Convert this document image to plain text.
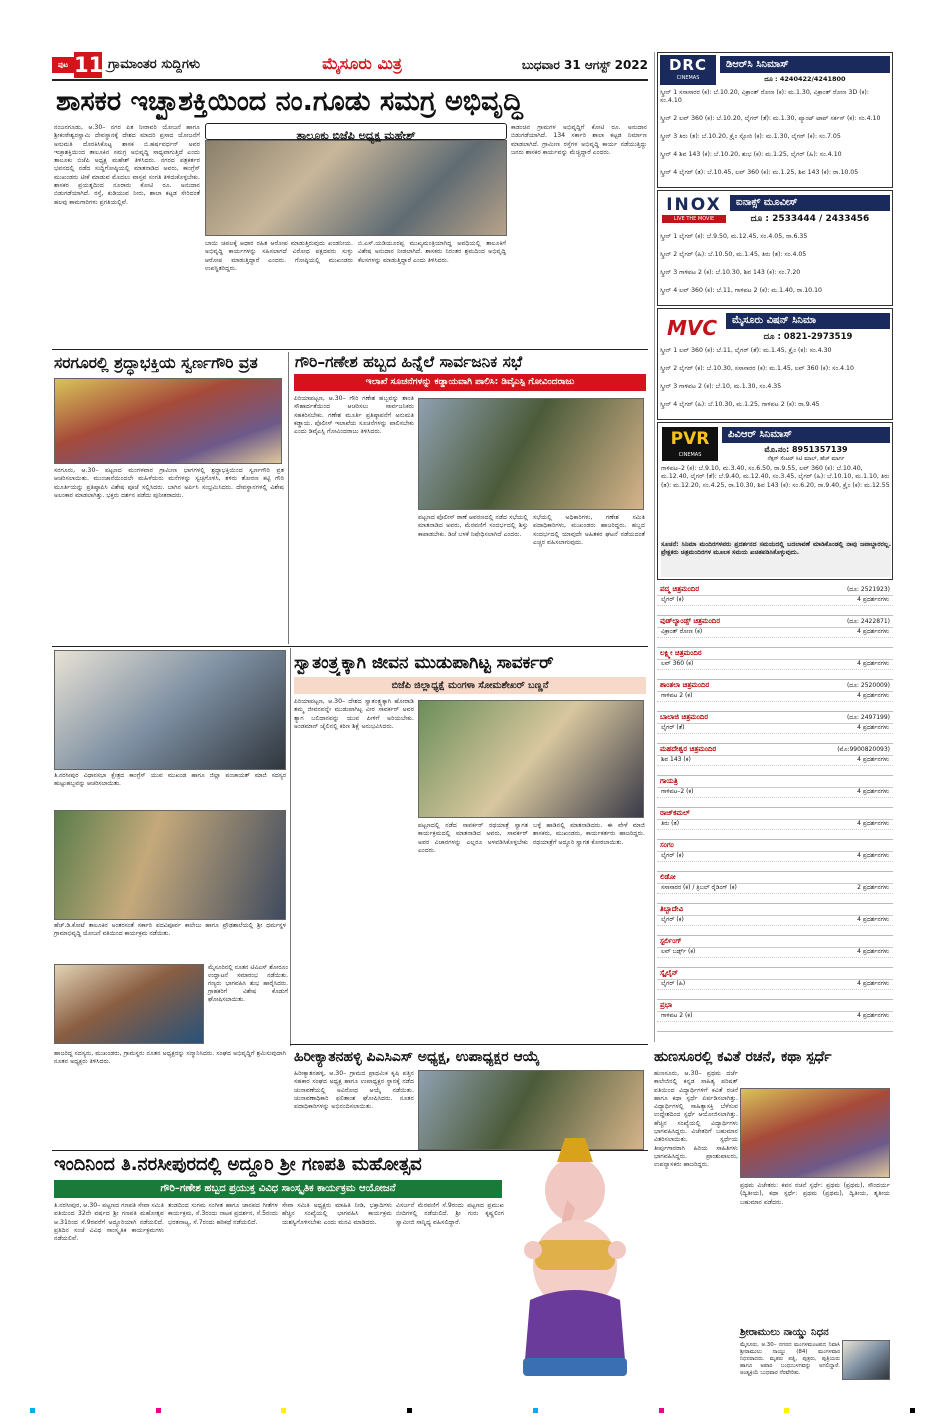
ಪುಟ 11 ಗ್ರಾಮಾಂತರ ಸುದ್ದಿಗಳು	ಮೈಸೂರು ಮಿತ್ರ	ಬುಧವಾರ 31 ಆಗಸ್ಟ್ 2022
ಶಾಸಕರ ಇಚ್ಛಾಶಕ್ತಿಯಿಂದ ನಂ.ಗೂಡು ಸಮಗ್ರ ಅಭಿವೃದ್ಧಿ
ನಂಜನಗೂಡು, ಆ.30– ನಗರ ಪಿತ ನೀರಾವರಿ ಯೋಜನೆ ಹಾಗೂ ಶ್ರೀಕಂಠೇಶ್ವರಸ್ವಾಮಿ ದೇವಸ್ಥಾನಕ್ಕೆ ದೇಶದ ಮಾದರಿ ಪ್ರಸಾದ ಯೋಜನೆಗೆ ಅನುಮತಿ ದೊರಕಿಸಿಕೊಟ್ಟ ಶಾಸಕ ಬಿ.ಹರ್ಷವರ್ಧನ್ ಅವರ ಇಚ್ಛಾಶಕ್ತಿಯಿಂದ ತಾಲೂಕಿನ ಸಮಗ್ರ ಅಭಿವೃದ್ಧಿ ಸಾಧ್ಯವಾಗುತ್ತಿದೆ ಎಂದು ತಾಲೂಕು ಬಿಜೆಪಿ ಅಧ್ಯಕ್ಷ ಮಹೇಶ್ ತಿಳಿಸಿದರು. ನಗರದ ಪತ್ರಕರ್ತರ ಭವನದಲ್ಲಿ ನಡೆದ ಸುದ್ದಿಗೋಷ್ಠಿಯಲ್ಲಿ ಮಾತನಾಡಿದ ಅವರು, ಕಾಂಗ್ರೆಸ್ ಮುಖಂಡರು ಟೀಕೆ ಮಾಡುವ ಮೊದಲು ವಾಸ್ತವ ಸಂಗತಿ ತಿಳಿದುಕೊಳ್ಳಬೇಕು. ಶಾಸಕರ ಪ್ರಯತ್ನದಿಂದ ನೂರಾರು ಕೋಟಿ ರೂ. ಅನುದಾನ ಬಿಡುಗಡೆಯಾಗಿದೆ. ರಸ್ತೆ, ಕುಡಿಯುವ ನೀರು, ಶಾಲಾ ಕಟ್ಟಡ ಸೇರಿದಂತೆ ಹಲವು ಕಾಮಗಾರಿಗಳು ಪ್ರಗತಿಯಲ್ಲಿವೆ.
ತಾಲೂಕು ಬಿಜೆಪಿ ಅಧ್ಯಕ್ಷ ಮಹೇಶ್
ಬಾಯಿ ಚಪಲಕ್ಕೆ ಆಧಾರ ರಹಿತ ಆರೋಪ ಮಾಡುತ್ತಿರುವುದು ಖಂಡನೀಯ. ಅಭಿವೃದ್ಧಿ ಕಾರ್ಯಗಳನ್ನು ಸಹಿಸಲಾಗದೆ ವಿರೋಧ ಪಕ್ಷದವರು ಸುಳ್ಳು ಆರೋಪ ಮಾಡುತ್ತಿದ್ದಾರೆ ಎಂದರು. ಗೋಷ್ಠಿಯಲ್ಲಿ ಮುಖಂಡರು ಉಪಸ್ಥಿತರಿದ್ದರು.
ಬಿ.ಎಸ್.ಯಡಿಯೂರಪ್ಪ ಮುಖ್ಯಮಂತ್ರಿಯಾಗಿದ್ದ ಅವಧಿಯಲ್ಲಿ ತಾಲೂಕಿಗೆ ವಿಶೇಷ ಅನುದಾನ ನೀಡಲಾಗಿದೆ. ಶಾಸಕರು ನಿರಂತರ ಶ್ರಮದಿಂದ ಅಭಿವೃದ್ಧಿ ಕೆಲಸಗಳನ್ನು ಮಾಡುತ್ತಿದ್ದಾರೆ ಎಂದು ತಿಳಿಸಿದರು.
ಕಾಡಂಚಿನ ಗ್ರಾಮಗಳ ಅಭಿವೃದ್ಧಿಗೆ ಕೋಟಿ ರೂ. ಅನುದಾನ ಬಿಡುಗಡೆಯಾಗಿದೆ. 134 ಸರ್ಕಾರಿ ಶಾಲಾ ಕಟ್ಟಡ ನಿರ್ಮಾಣ ಮಾಡಲಾಗಿದೆ. ಗ್ರಾಮೀಣ ರಸ್ತೆಗಳ ಅಭಿವೃದ್ಧಿ ಕಾರ್ಯ ನಡೆಯುತ್ತಿದ್ದು ಜನರು ಶಾಸಕರ ಕಾರ್ಯವನ್ನು ಮೆಚ್ಚಿದ್ದಾರೆ ಎಂದರು.
ಸರಗೂರಲ್ಲಿ ಶ್ರದ್ಧಾಭಕ್ತಿಯ ಸ್ವರ್ಣಗೌರಿ ವ್ರತ
ಸರಗೂರು, ಆ.30– ಪಟ್ಟಣದ ಮಂಗಳವಾರ ಗ್ರಾಮೀಣ ಭಾಗಗಳಲ್ಲಿ ಶ್ರದ್ಧಾಭಕ್ತಿಯಿಂದ ಸ್ವರ್ಣಗೌರಿ ವ್ರತ ಆಚರಿಸಲಾಯಿತು. ಮುಂಜಾನೆಯಿಂದಲೇ ಮಹಿಳೆಯರು ಮನೆಗಳನ್ನು ಸ್ವಚ್ಛಗೊಳಿಸಿ, ತಳಿರು ತೋರಣ ಕಟ್ಟಿ ಗೌರಿ ಮೂರ್ತಿಯನ್ನು ಪ್ರತಿಷ್ಠಾಪಿಸಿ ವಿಶೇಷ ಪೂಜೆ ಸಲ್ಲಿಸಿದರು. ಬಾಗಿನ ಅರ್ಪಿಸಿ ಸಂಭ್ರಮಿಸಿದರು. ದೇವಸ್ಥಾನಗಳಲ್ಲಿ ವಿಶೇಷ ಅಲಂಕಾರ ಮಾಡಲಾಗಿತ್ತು. ಭಕ್ತರು ದರ್ಶನ ಪಡೆದು ಪುನೀತರಾದರು.
ಗೌರಿ–ಗಣೇಶ ಹಬ್ಬದ ಹಿನ್ನೆಲೆ ಸಾರ್ವಜನಿಕ ಸಭೆ
ಇಲಾಖೆ ಸೂಚನೆಗಳನ್ನು ಕಡ್ಡಾಯವಾಗಿ ಪಾಲಿಸಿ: ಡಿವೈಎಸ್ಪಿ ಗೋವಿಂದರಾಜು
ಪಿರಿಯಾಪಟ್ಟಣ, ಆ.30– ಗೌರಿ ಗಣೇಶ ಹಬ್ಬವನ್ನು ಶಾಂತಿ ಸೌಹಾರ್ದತೆಯಿಂದ ಆಚರಿಸಲು ಸಾರ್ವಜನಿಕರು ಸಹಕರಿಸಬೇಕು. ಗಣೇಶ ಮೂರ್ತಿ ಪ್ರತಿಷ್ಠಾಪನೆಗೆ ಅನುಮತಿ ಕಡ್ಡಾಯ. ಪೊಲೀಸ್ ಇಲಾಖೆಯ ಸೂಚನೆಗಳನ್ನು ಪಾಲಿಸಬೇಕು ಎಂದು ಡಿವೈಎಸ್ಪಿ ಗೋವಿಂದರಾಜು ತಿಳಿಸಿದರು.
ಪಟ್ಟಣದ ಪೊಲೀಸ್ ಠಾಣೆ ಆವರಣದಲ್ಲಿ ನಡೆದ ಸಭೆಯಲ್ಲಿ ಮಾತನಾಡಿದ ಅವರು, ಮೆರವಣಿಗೆ ಸಂದರ್ಭದಲ್ಲಿ ಶಿಸ್ತು ಕಾಪಾಡಬೇಕು. ಡಿಜೆ ಬಳಕೆ ನಿಷೇಧಿಸಲಾಗಿದೆ ಎಂದರು.
ಸಭೆಯಲ್ಲಿ ಅಧಿಕಾರಿಗಳು, ಗಣೇಶ ಸಮಿತಿ ಪದಾಧಿಕಾರಿಗಳು, ಮುಖಂಡರು ಹಾಜರಿದ್ದರು. ಹಬ್ಬದ ಸಂದರ್ಭದಲ್ಲಿ ಯಾವುದೇ ಅಹಿತಕರ ಘಟನೆ ನಡೆಯದಂತೆ ಎಚ್ಚರ ವಹಿಸಲಾಗುವುದು.
ತಿ.ನರಸೀಪುರ ವಿಧಾನಸಭಾ ಕ್ಷೇತ್ರದ ಕಾಂಗ್ರೆಸ್ ಯುವ ಮುಖಂಡ ಹಾಗೂ ಜಿಲ್ಲಾ ಪಂಚಾಯತ್ ಮಾಜಿ ಸದಸ್ಯರ ಹುಟ್ಟುಹಬ್ಬವನ್ನು ಆಚರಿಸಲಾಯಿತು.
ಹೆಚ್.ಡಿ.ಕೋಟೆ ತಾಲೂಕಿನ ಅಂತರಸಂತೆ ಸರ್ಕಾರಿ ಪದವಿಪೂರ್ವ ಕಾಲೇಜು ಹಾಗೂ ಪ್ರೌಢಶಾಲೆಯಲ್ಲಿ ಶ್ರೀ ಧರ್ಮಸ್ಥಳ ಗ್ರಾಮಾಭಿವೃದ್ಧಿ ಯೋಜನೆ ವತಿಯಿಂದ ಕಾರ್ಯಕ್ರಮ ನಡೆಯಿತು.
ಮೈಸೂರಿನಲ್ಲಿ ನೂತನ ಟಿವಿಎಸ್ ಶೋರೂಂ ಉದ್ಘಾಟನೆ ಸಮಾರಂಭ ನಡೆಯಿತು. ಗಣ್ಯರು ಭಾಗವಹಿಸಿ ಶುಭ ಹಾರೈಸಿದರು. ಗ್ರಾಹಕರಿಗೆ ವಿಶೇಷ ಕೊಡುಗೆ ಘೋಷಿಸಲಾಯಿತು.
ಸ್ವಾತಂತ್ರ್ಯಕ್ಕಾಗಿ ಜೀವನ ಮುಡುಪಾಗಿಟ್ಟ ಸಾವರ್ಕರ್
ಬಿಜೆಪಿ ಜಿಲ್ಲಾಧ್ಯಕ್ಷೆ ಮಂಗಳಾ ಸೋಮಶೇಖರ್ ಬಣ್ಣನೆ
ಪಿರಿಯಾಪಟ್ಟಣ, ಆ.30– ದೇಶದ ಸ್ವಾತಂತ್ರ್ಯಕ್ಕಾಗಿ ಹೋರಾಡಿ ತಮ್ಮ ಜೀವನವನ್ನೇ ಮುಡುಪಾಗಿಟ್ಟ ವೀರ ಸಾವರ್ಕರ್ ಅವರ ತ್ಯಾಗ ಬಲಿದಾನವನ್ನು ಯುವ ಪೀಳಿಗೆ ಅರಿಯಬೇಕು. ಅಂಡಮಾನ್ ಜೈಲಿನಲ್ಲಿ ಕಠಿಣ ಶಿಕ್ಷೆ ಅನುಭವಿಸಿದರು.
ಪಟ್ಟಣದಲ್ಲಿ ನಡೆದ ಸಾವರ್ಕರ್ ರಥಯಾತ್ರೆ ಸ್ವಾಗತ ಕಾರ್ಯಕ್ರಮದಲ್ಲಿ ಮಾತನಾಡಿದ ಅವರು, ಸಾವರ್ಕರ್ ಅವರ ವಿಚಾರಗಳನ್ನು ಎಲ್ಲರೂ ಅಳವಡಿಸಿಕೊಳ್ಳಬೇಕು ಎಂದರು.
ಬಳ್ಳೆ ಹಾಡಿನಲ್ಲಿ ಮಾತನಾಡಿದರು. ಈ ವೇಳೆ ಮಾಜಿ ಶಾಸಕರು, ಮುಖಂಡರು, ಕಾರ್ಯಕರ್ತರು ಹಾಜರಿದ್ದರು. ರಥಯಾತ್ರೆಗೆ ಅದ್ಧೂರಿ ಸ್ವಾಗತ ಕೋರಲಾಯಿತು.
ಹಿರೀಕ್ಯಾತನಹಳ್ಳಿ ಪಿಎಸಿಎಸ್ ಅಧ್ಯಕ್ಷ, ಉಪಾಧ್ಯಕ್ಷರ ಆಯ್ಕೆ
ಹಿರೀಕ್ಯಾತನಹಳ್ಳಿ, ಆ.30– ಗ್ರಾಮದ ಪ್ರಾಥಮಿಕ ಕೃಷಿ ಪತ್ತಿನ ಸಹಕಾರ ಸಂಘದ ಅಧ್ಯಕ್ಷ ಹಾಗೂ ಉಪಾಧ್ಯಕ್ಷರ ಸ್ಥಾನಕ್ಕೆ ನಡೆದ ಚುನಾವಣೆಯಲ್ಲಿ ಅವಿರೋಧ ಆಯ್ಕೆ ನಡೆಯಿತು. ಚುನಾವಣಾಧಿಕಾರಿ ಫಲಿತಾಂಶ ಘೋಷಿಸಿದರು. ನೂತನ ಪದಾಧಿಕಾರಿಗಳನ್ನು ಅಭಿನಂದಿಸಲಾಯಿತು.
ಹಾಜರಿದ್ದ ಸದಸ್ಯರು, ಮುಖಂಡರು, ಗ್ರಾಮಸ್ಥರು ನೂತನ ಅಧ್ಯಕ್ಷರನ್ನು ಸನ್ಮಾನಿಸಿದರು. ಸಂಘದ ಅಭಿವೃದ್ಧಿಗೆ ಶ್ರಮಿಸುವುದಾಗಿ ನೂತನ ಅಧ್ಯಕ್ಷರು ತಿಳಿಸಿದರು.
ಇಂದಿನಿಂದ ತಿ.ನರಸೀಪುರದಲ್ಲಿ ಅದ್ದೂರಿ ಶ್ರೀ ಗಣಪತಿ ಮಹೋತ್ಸವ
ಗೌರಿ–ಗಣೇಶ ಹಬ್ಬದ ಪ್ರಯುಕ್ತ ವಿವಿಧ ಸಾಂಸ್ಕೃತಿಕ ಕಾರ್ಯಕ್ರಮ ಆಯೋಜನೆ
ತಿ.ನರಸೀಪುರ, ಆ.30– ಪಟ್ಟಣದ ಗಣಪತಿ ಸೇವಾ ಸಮಿತಿ ವತಿಯಿಂದ 32ನೇ ವರ್ಷದ ಶ್ರೀ ಗಣಪತಿ ಮಹೋತ್ಸವ ಆ.31ರಿಂದ ಸೆ.9ರವರೆಗೆ ಅದ್ದೂರಿಯಾಗಿ ನಡೆಯಲಿದೆ. ಪ್ರತಿದಿನ ಸಂಜೆ ವಿವಿಧ ಸಾಂಸ್ಕೃತಿಕ ಕಾರ್ಯಕ್ರಮಗಳು ನಡೆಯಲಿವೆ.
ತಂಡದಿಂದ ಸುಗಮ ಸಂಗೀತ ಹಾಗೂ ಜಾನಪದ ಗೀತೆಗಳ ಕಾರ್ಯಕ್ರಮ, ಸೆ.3ರಂದು ನಾಟಕ ಪ್ರದರ್ಶನ, ಸೆ.5ರಂದು ಭರತನಾಟ್ಯ, ಸೆ.7ರಂದು ಹರಿಕಥೆ ನಡೆಯಲಿದೆ.
ಸೇವಾ ಸಮಿತಿ ಅಧ್ಯಕ್ಷರು ಮಾಹಿತಿ ನೀಡಿ, ಭಕ್ತಾದಿಗಳು ಹೆಚ್ಚಿನ ಸಂಖ್ಯೆಯಲ್ಲಿ ಭಾಗವಹಿಸಿ ಕಾರ್ಯಕ್ರಮ ಯಶಸ್ವಿಗೊಳಿಸಬೇಕು ಎಂದು ಮನವಿ ಮಾಡಿದರು.
ವಿಸರ್ಜನೆ ಮೆರವಣಿಗೆ ಸೆ.9ರಂದು ಪಟ್ಟಣದ ಪ್ರಮುಖ ಬೀದಿಗಳಲ್ಲಿ ನಡೆಯಲಿದೆ. ಶ್ರೀ ಗುರು ಕೃಷ್ಣಲಿಂಗ ಸ್ವಾಮೀಜಿ ಸಾನ್ನಿಧ್ಯ ವಹಿಸಲಿದ್ದಾರೆ.
ಹುಣಸೂರಲ್ಲಿ ಕವಿತೆ ರಚನೆ, ಕಥಾ ಸ್ಪರ್ಧೆ
ಹುಣಸೂರು, ಆ.30– ಪ್ರಥಮ ದರ್ಜೆ ಕಾಲೇಜಿನಲ್ಲಿ ಕನ್ನಡ ಸಾಹಿತ್ಯ ಪರಿಷತ್ ವತಿಯಿಂದ ವಿದ್ಯಾರ್ಥಿಗಳಿಗೆ ಕವಿತೆ ರಚನೆ ಹಾಗೂ ಕಥಾ ಸ್ಪರ್ಧೆ ಏರ್ಪಡಿಸಲಾಗಿತ್ತು. ವಿದ್ಯಾರ್ಥಿಗಳಲ್ಲಿ ಸಾಹಿತ್ಯಾಸಕ್ತಿ ಬೆಳೆಸುವ ಉದ್ದೇಶದಿಂದ ಸ್ಪರ್ಧೆ ಆಯೋಜಿಸಲಾಗಿತ್ತು. ಹೆಚ್ಚಿನ ಸಂಖ್ಯೆಯಲ್ಲಿ ವಿದ್ಯಾರ್ಥಿಗಳು ಭಾಗವಹಿಸಿದ್ದರು. ವಿಜೇತರಿಗೆ ಬಹುಮಾನ ವಿತರಿಸಲಾಯಿತು. ಸ್ಪರ್ಧೆಯ ತೀರ್ಪುಗಾರರಾಗಿ ಹಿರಿಯ ಸಾಹಿತಿಗಳು ಭಾಗವಹಿಸಿದ್ದರು. ಪ್ರಾಂಶುಪಾಲರು, ಉಪನ್ಯಾಸಕರು ಹಾಜರಿದ್ದರು.
ಪ್ರಥಮ ವಿಜೇತರು: ಕವನ ರಚನೆ ಸ್ಪರ್ಧೆ: ಪ್ರಥಮ (ಪ್ರಥಮ), ಸೌಂದರ್ಯ (ದ್ವಿತೀಯ), ಕಥಾ ಸ್ಪರ್ಧೆ: ಪ್ರಥಮ (ಪ್ರಥಮ), ದ್ವಿತೀಯ, ತೃತೀಯ ಬಹುಮಾನ ಪಡೆದರು.
ಶ್ರೀರಾಮುಲು ನಾಯ್ಡು ನಿಧನ
ಮೈಸೂರು, ಆ.30– ನಗರದ ಮಂಗಳಮಂಟಪದ ನಿವಾಸಿ ಶ್ರೀರಾಮುಲು ನಾಯ್ಡು (84) ಮಂಗಳವಾರ ನಿಧನರಾದರು. ಮೃತರು ಪತ್ನಿ, ಪುತ್ರರು, ಪುತ್ರಿಯರು ಹಾಗೂ ಅಪಾರ ಬಂಧುಬಳಗವನ್ನು ಅಗಲಿದ್ದಾರೆ. ಅಂತ್ಯಕ್ರಿಯೆ ಬುಧವಾರ ನೆರವೇರಿತು.
DRC
CINEMAS
ಡಿಆರ್‌ಸಿ ಸಿನಿಮಾಸ್
ದೂ : 4240422/4241800
ಸ್ಕ್ರೀನ್ 1 ಸಸಾಸಾರರ (ಕ): ಬೆ.10.20, ವಿಕ್ರಾಂತ್ ರೋಣ (ಕ): ಮ.1.30, ವಿಕ್ರಾಂತ್ ರೋಣ 3D (ಕ): ಸಂ.4.10
ಸ್ಕ್ರೀನ್ 2 ಲವ್ 360 (ಕ): ಬೆ.10.20, ಲೈಗರ್ (ತೆ): ಮ.1.30, ಪ್ಯಾಂಟ್ ಟಾಪ್ ಸರ್ಕಸ್ (ಕ): ಸಂ.4.10
ಸ್ಕ್ರೀನ್ 3 ತಿರು (ತ): ಬೆ.10.20, ಕ್ರೈಂ ಸ್ಟೋರಿ (ಕ): ಮ.1.30, ಲೈಗರ್ (ಕ): ಸಂ.7.05
ಸ್ಕ್ರೀನ್ 4 ಶಿವ 143 (ಕ): ಬೆ.10.20, ಶುಭ (ಕ): ಮ.1.25, ಲೈಗರ್ (ಹಿ): ಸಂ.4.10
ಸ್ಕ್ರೀನ್ 4 ಲೈಗರ್ (ತ): ಬೆ.10.45, ಲವ್ 360 (ಕ): ಮ.1.25, ಶಿವ 143 (ಕ): ರಾ.10.05
INOX
LIVE THE MOVIE
ಐನಾಕ್ಸ್ ಮೂವೀಸ್
ದೂ : 2533444 / 2433456
ಸ್ಕ್ರೀನ್ 1 ಲೈಗರ್ (ಕ): ಬೆ.9.50, ಮ.12.45, ಸಂ.4.05, ರಾ.6.35
ಸ್ಕ್ರೀನ್ 2 ಲೈಗರ್ (ಹಿ): ಬೆ.10.50, ಮ.1.45, ತಿರು (ತ): ಸಂ.4.05
ಸ್ಕ್ರೀನ್ 3 ಗಾಳಿಪಟ 2 (ಕ): ಬೆ.10.30, ಶಿವ 143 (ಕ): ಸಂ.7.20
ಸ್ಕ್ರೀನ್ 4 ಲವ್ 360 (ಕ): ಬೆ.11, ಗಾಳಿಪಟ 2 (ಕ): ಮ.1.40, ರಾ.10.10
MVC	ಮೈಸೂರು ವಿಷನ್ ಸಿನಿಮಾ
ದೂ : 0821-2973519
ಸ್ಕ್ರೀನ್ 1 ಲವ್ 360 (ಕ): ಬೆ.11, ಲೈಗರ್ (ತೆ): ಮ.1.45, ಕ್ರೈಂ (ಕ): ಸಂ.4.30
ಸ್ಕ್ರೀನ್ 2 ಲೈಗರ್ (ಕ): ಬೆ.10.30, ಸಸಾಸಾರರ (ಕ): ಮ.1.45, ಲವ್ 360 (ಕ): ಸಂ.4.10
ಸ್ಕ್ರೀನ್ 3 ಗಾಳಿಪಟ 2 (ಕ): ಬೆ.10, ಮ.1.30, ಸಂ.4.35
ಸ್ಕ್ರೀನ್ 4 ಲೈಗರ್ (ಹಿ): ಬೆ.10.30, ಮ.1.25, ಗಾಳಿಪಟ 2 (ಕ): ರಾ.9.45
PVR
CINEMAS
ಪಿವಿಆರ್ ಸಿನಿಮಾಸ್
ಮೊ.ನಂ: 8951357139
ನೆಕ್ಸಸ್ ಸೆಂಟರ್ ಸಿಟಿ ಮಾಲ್, ಹೆಚ್ ಮಾರ್ಗ
ಗಾಳಿಪಟ–2 (ಕ): ಬೆ.9.10, ಮ.3.40, ಸಂ.6.50, ರಾ.9.55, ಲವ್ 360 (ಕ): ಬೆ.10.40, ಮ.12.40, ಲೈಗರ್ (ತೆ): ಬೆ.9.40, ಮ.12.40, ಸಂ.3.45, ಲೈಗರ್ (ಹಿ): ಬೆ.10.10, ಮ.1.10, ತಿರು (ತ): ಮ.12.20, ಸಂ.4.25, ರಾ.10.30, ಶಿವ 143 (ಕ): ಸಂ.6.20, ರಾ.9.40, ಕ್ರೈಂ (ಕ): ಮ.12.55
ಸೂಚನೆ: ಸಿನಿಮಾ ಮಂದಿರಗಳವರು ಪ್ರದರ್ಶನದ ಸಮಯದಲ್ಲಿ ಬದಲಾವಣೆ ಮಾಡಿಕೊಂಡಲ್ಲಿ ನಾವು ಜವಾಬ್ದಾರರಲ್ಲ. ಪ್ರೇಕ್ಷಕರು ಚಿತ್ರಮಂದಿರಗಳ ಮೂಲಕ ಸಮಯ ಖಚಿತಪಡಿಸಿಕೊಳ್ಳುವುದು.
ಪದ್ಮ ಚಿತ್ರಮಂದಿರ	(ದೂ: 2521923)
ಲೈಗರ್ (ಕ)	4 ಪ್ರದರ್ಶನಗಳು
ವುಡ್‌ಲ್ಯಾಂಡ್ಸ್ ಚಿತ್ರಮಂದಿರ	(ದೂ: 2422871)
ವಿಕ್ರಾಂತ್ ರೋಣ (ಕ)	4 ಪ್ರದರ್ಶನಗಳು
ಲಕ್ಷ್ಮೀ ಚಿತ್ರಮಂದಿರ
ಲವ್ 360 (ಕ)	4 ಪ್ರದರ್ಶನಗಳು
ಶಾಂತಲಾ ಚಿತ್ರಮಂದಿರ	(ದೂ: 2520009)
ಗಾಳಿಪಟ 2 (ಕ)	4 ಪ್ರದರ್ಶನಗಳು
ಬಾಲಾಜಿ ಚಿತ್ರಮಂದಿರ	(ದೂ: 2497199)
ಲೈಗರ್ (ತೆ)	4 ಪ್ರದರ್ಶನಗಳು
ಮಹದೇಶ್ವರ ಚಿತ್ರಮಂದಿರ	(ಮೊ:9900820093)
ಶಿವ 143 (ಕ)	4 ಪ್ರದರ್ಶನಗಳು
ಗಾಯತ್ರಿ
ಗಾಳಿಪಟ–2 (ಕ)	4 ಪ್ರದರ್ಶನಗಳು
ರಾಜ್‌ಕಮಲ್
ತಿರು (ತ)	4 ಪ್ರದರ್ಶನಗಳು
ಸಂಗಂ
ಲೈಗರ್ (ಕ)	4 ಪ್ರದರ್ಶನಗಳು
ಲಿಡೋ
ಸಸಾಸಾರರ (ಕ) / ತ್ರಿಬಲ್ ರೈಡಿಂಗ್ (ಕ)	2 ಪ್ರದರ್ಶನಗಳು
ತಿಬ್ಬಾದೇವಿ
ಲೈಗರ್ (ಕ)	4 ಪ್ರದರ್ಶನಗಳು
ಸ್ಟರ್ಲಿಂಗ್
ಲವ್ ಬರ್ಡ್ಸ್ (ಕ)	4 ಪ್ರದರ್ಶನಗಳು
ಸ್ಕೈಲೈನ್
ಲೈಗರ್ (ಹಿ)	4 ಪ್ರದರ್ಶನಗಳು
ಪ್ರಭಾ
ಗಾಳಿಪಟ 2 (ಕ)	4 ಪ್ರದರ್ಶನಗಳು
